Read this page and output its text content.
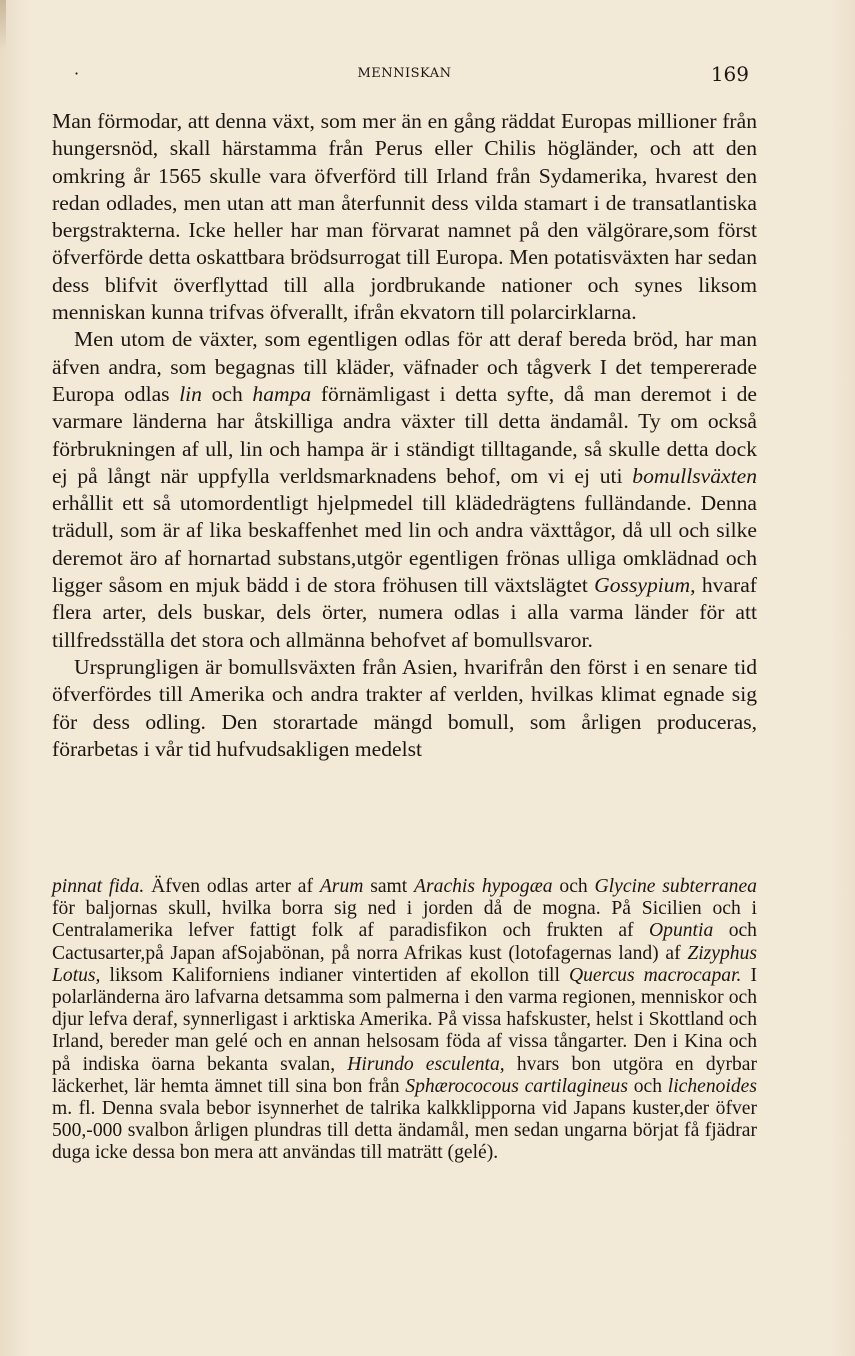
·	MENNISKAN	169

Man förmodar, att denna växt, som mer än en gång räddat Europas millioner från hungersnöd, skall härstamma från Perus eller Chilis högländer, och att den omkring år 1565 skulle vara öfverförd till Irland från Sydamerika, hvarest den redan odlades, men utan att man återfunnit dess vilda stamart i de transatlantiska bergstrakterna. Icke heller har man förvarat namnet på den välgörare,som först öfverförde detta oskattbara brödsurrogat till Europa. Men potatisväxten har sedan dess blifvit överflyttad till alla jordbrukande nationer och synes liksom menniskan kunna trifvas öfverallt, ifrån ekvatorn till polarcirklarna.

Men utom de växter, som egentligen odlas för att deraf bereda bröd, har man äfven andra, som begagnas till kläder, väfnader och tågverk I det tempererade Europa odlas lin och hampa förnämligast i detta syfte, då man deremot i de varmare länderna har åtskilliga andra växter till detta ändamål. Ty om också förbrukningen af ull, lin och hampa är i ständigt tilltagande, så skulle detta dock ej på långt när uppfylla verldsmarknadens behof, om vi ej uti bomullsväxten erhållit ett så utomordentligt hjelpmedel till klädedrägtens fulländande. Denna trädull, som är af lika beskaffenhet med lin och andra växttågor, då ull och silke deremot äro af hornartad substans,utgör egentligen frönas ulliga omklädnad och ligger såsom en mjuk bädd i de stora fröhusen till växtslägtet Gossypium, hvaraf flera arter, dels buskar, dels örter, numera odlas i alla varma länder för att tillfredsställa det stora och allmänna behofvet af bomullsvaror.

Ursprungligen är bomullsväxten från Asien, hvarifrån den först i en senare tid öfverfördes till Amerika och andra trakter af verlden, hvilkas klimat egnade sig för dess odling. Den storartade mängd bomull, som årligen produceras, förarbetas i vår tid hufvudsakligen medelst

pinnat fida. Äfven odlas arter af Arum samt Arachis hypogæa och Glycine subterranea för baljornas skull, hvilka borra sig ned i jorden då de mogna. På Sicilien och i Centralamerika lefver fattigt folk af paradisfikon och frukten af Opuntia och Cactusarter,på Japan afSojabönan, på norra Afrikas kust (lotofagernas land) af Zizyphus Lotus, liksom Kaliforniens indianer vintertiden af ekollon till Quercus macrocapar. I polarländerna äro lafvarna detsamma som palmerna i den varma regionen, menniskor och djur lefva deraf, synnerligast i arktiska Amerika. På vissa hafskuster, helst i Skottland och Irland, bereder man gelé och en annan helsosam föda af vissa tångarter. Den i Kina och på indiska öarna bekanta svalan, Hirundo esculenta, hvars bon utgöra en dyrbar läckerhet, lär hemta ämnet till sina bon från Sphærococous cartilagineus och lichenoides m. fl. Denna svala bebor isynnerhet de talrika kalkklipporna vid Japans kuster,der öfver 500,-000 svalbon årligen plundras till detta ändamål, men sedan ungarna börjat få fjädrar duga icke dessa bon mera att användas till maträtt (gelé).
